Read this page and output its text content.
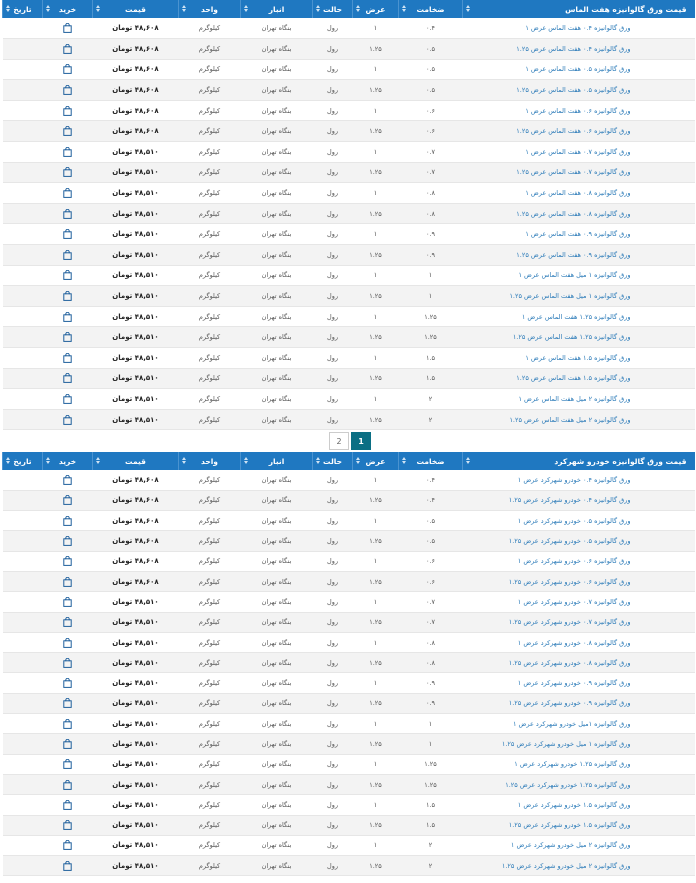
قیمت ورق گالوانیزه هفت الماس	ضخامت	عرض	حالت	انبار	واحد	قیمت	خرید	تاریخ

ورق گالوانیزه ۰.۴ هفت الماس عرض ۱	۰.۴	۱	رول	بنگاه تهران	کیلوگرم	۴۸,۶۰۸ تومان	

ورق گالوانیزه ۰.۴ هفت الماس عرض ۱.۲۵	۰.۵	۱.۲۵	رول	بنگاه تهران	کیلوگرم	۴۸,۶۰۸ تومان	

ورق گالوانیزه ۰.۵ هفت الماس عرض ۱	۰.۵	۱	رول	بنگاه تهران	کیلوگرم	۴۸,۶۰۸ تومان	

ورق گالوانیزه ۰.۵ هفت الماس عرض ۱.۲۵	۰.۵	۱.۲۵	رول	بنگاه تهران	کیلوگرم	۴۸,۶۰۸ تومان	

ورق گالوانیزه ۰.۶ هفت الماس عرض ۱	۰.۶	۱	رول	بنگاه تهران	کیلوگرم	۴۸,۶۰۸ تومان	

ورق گالوانیزه ۰.۶ هفت الماس عرض ۱.۲۵	۰.۶	۱.۲۵	رول	بنگاه تهران	کیلوگرم	۴۸,۶۰۸ تومان	

ورق گالوانیزه ۰.۷ هفت الماس عرض ۱	۰.۷	۱	رول	بنگاه تهران	کیلوگرم	۴۸,۵۱۰ تومان	

ورق گالوانیزه ۰.۷ هفت الماس عرض ۱.۲۵	۰.۷	۱.۲۵	رول	بنگاه تهران	کیلوگرم	۴۸,۵۱۰ تومان	

ورق گالوانیزه ۰.۸ هفت الماس عرض ۱	۰.۸	۱	رول	بنگاه تهران	کیلوگرم	۴۸,۵۱۰ تومان	

ورق گالوانیزه ۰.۸ هفت الماس عرض ۱.۲۵	۰.۸	۱.۲۵	رول	بنگاه تهران	کیلوگرم	۴۸,۵۱۰ تومان	

ورق گالوانیزه ۰.۹ هفت الماس عرض ۱	۰.۹	۱	رول	بنگاه تهران	کیلوگرم	۴۸,۵۱۰ تومان	

ورق گالوانیزه ۰.۹ هفت الماس عرض ۱.۲۵	۰.۹	۱.۲۵	رول	بنگاه تهران	کیلوگرم	۴۸,۵۱۰ تومان	

ورق گالوانیزه ۱ میل هفت الماس عرض ۱	۱	۱	رول	بنگاه تهران	کیلوگرم	۴۸,۵۱۰ تومان	

ورق گالوانیزه ۱ میل هفت الماس عرض ۱.۲۵	۱	۱.۲۵	رول	بنگاه تهران	کیلوگرم	۴۸,۵۱۰ تومان	

ورق گالوانیزه ۱.۲۵ هفت الماس عرض ۱	۱.۲۵	۱	رول	بنگاه تهران	کیلوگرم	۴۸,۵۱۰ تومان	

ورق گالوانیزه ۱.۲۵ هفت الماس عرض ۱.۲۵	۱.۲۵	۱.۲۵	رول	بنگاه تهران	کیلوگرم	۴۸,۵۱۰ تومان	

ورق گالوانیزه ۱.۵ هفت الماس عرض ۱	۱.۵	۱	رول	بنگاه تهران	کیلوگرم	۴۸,۵۱۰ تومان	

ورق گالوانیزه ۱.۵ هفت الماس عرض ۱.۲۵	۱.۵	۱.۲۵	رول	بنگاه تهران	کیلوگرم	۴۸,۵۱۰ تومان	

ورق گالوانیزه ۲ میل هفت الماس عرض ۱	۲	۱	رول	بنگاه تهران	کیلوگرم	۴۸,۵۱۰ تومان	

ورق گالوانیزه ۲ میل هفت الماس عرض ۱.۲۵	۲	۱.۲۵	رول	بنگاه تهران	کیلوگرم	۴۸,۵۱۰ تومان	

1
2
قیمت ورق گالوانیزه خودرو شهرکرد	ضخامت	عرض	حالت	انبار	واحد	قیمت	خرید	تاریخ

ورق گالوانیزه ۰.۴ خودرو شهرکرد عرض ۱	۰.۴	۱	رول	بنگاه تهران	کیلوگرم	۴۸,۶۰۸ تومان	

ورق گالوانیزه ۰.۴ خودرو شهرکرد عرض ۱.۲۵	۰.۴	۱.۲۵	رول	بنگاه تهران	کیلوگرم	۴۸,۶۰۸ تومان	

ورق گالوانیزه ۰.۵ خودرو شهرکرد عرض ۱	۰.۵	۱	رول	بنگاه تهران	کیلوگرم	۴۸,۶۰۸ تومان	

ورق گالوانیزه ۰.۵ خودرو شهرکرد عرض ۱.۲۵	۰.۵	۱.۲۵	رول	بنگاه تهران	کیلوگرم	۴۸,۶۰۸ تومان	

ورق گالوانیزه ۰.۶ خودرو شهرکرد عرض ۱	۰.۶	۱	رول	بنگاه تهران	کیلوگرم	۴۸,۶۰۸ تومان	

ورق گالوانیزه ۰.۶ خودرو شهرکرد عرض ۱.۲۵	۰.۶	۱.۲۵	رول	بنگاه تهران	کیلوگرم	۴۸,۶۰۸ تومان	

ورق گالوانیزه ۰.۷ خودرو شهرکرد عرض ۱	۰.۷	۱	رول	بنگاه تهران	کیلوگرم	۴۸,۵۱۰ تومان	

ورق گالوانیزه ۰.۷ خودرو شهرکرد عرض ۱.۲۵	۰.۷	۱.۲۵	رول	بنگاه تهران	کیلوگرم	۴۸,۵۱۰ تومان	

ورق گالوانیزه ۰.۸ خودرو شهرکرد عرض ۱	۰.۸	۱	رول	بنگاه تهران	کیلوگرم	۴۸,۵۱۰ تومان	

ورق گالوانیزه ۰.۸ خودرو شهرکرد عرض ۱.۲۵	۰.۸	۱.۲۵	رول	بنگاه تهران	کیلوگرم	۴۸,۵۱۰ تومان	

ورق گالوانیزه ۰.۹ خودرو شهرکرد عرض ۱	۰.۹	۱	رول	بنگاه تهران	کیلوگرم	۴۸,۵۱۰ تومان	

ورق گالوانیزه ۰.۹ خودرو شهرکرد عرض ۱.۲۵	۰.۹	۱.۲۵	رول	بنگاه تهران	کیلوگرم	۴۸,۵۱۰ تومان	

ورق گالوانیزه ۱میل خودرو شهرکرد عرض ۱	۱	۱	رول	بنگاه تهران	کیلوگرم	۴۸,۵۱۰ تومان	

ورق گالوانیزه ۱ میل خودرو شهرکرد عرض ۱.۲۵	۱	۱.۲۵	رول	بنگاه تهران	کیلوگرم	۴۸,۵۱۰ تومان	

ورق گالوانیزه ۱.۲۵ خودرو شهرکرد عرض ۱	۱.۲۵	۱	رول	بنگاه تهران	کیلوگرم	۴۸,۵۱۰ تومان	

ورق گالوانیزه ۱.۲۵ خودرو شهرکرد عرض ۱.۲۵	۱.۲۵	۱.۲۵	رول	بنگاه تهران	کیلوگرم	۴۸,۵۱۰ تومان	

ورق گالوانیزه ۱.۵ خودرو شهرکرد عرض ۱	۱.۵	۱	رول	بنگاه تهران	کیلوگرم	۴۸,۵۱۰ تومان	

ورق گالوانیزه ۱.۵ خودرو شهرکرد عرض ۱.۲۵	۱.۵	۱.۲۵	رول	بنگاه تهران	کیلوگرم	۴۸,۵۱۰ تومان	

ورق گالوانیزه ۲ میل خودرو شهرکرد عرض ۱	۲	۱	رول	بنگاه تهران	کیلوگرم	۴۸,۵۱۰ تومان	

ورق گالوانیزه ۲ میل خودرو شهرکرد عرض ۱.۲۵	۲	۱.۲۵	رول	بنگاه تهران	کیلوگرم	۴۸,۵۱۰ تومان	
